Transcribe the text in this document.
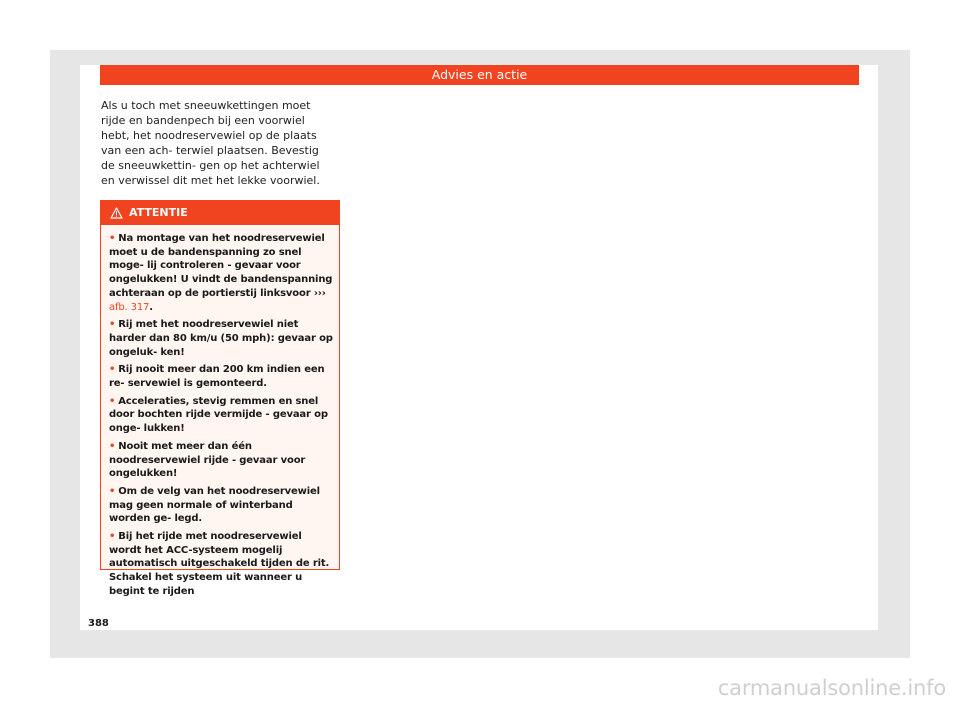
Advies en actie
Als u toch met sneeuwkettingen moet rijde en bandenpech bij een voorwiel hebt, het noodreservewiel op de plaats van een ach- terwiel plaatsen. Bevestig de sneeuwkettin- gen op het achterwiel en verwissel dit met het lekke voorwiel.
ATTENTIE
• Na montage van het noodreservewiel moet u de bandenspanning zo snel moge- lij controleren - gevaar voor ongelukken! U vindt de bandenspanning achteraan op de portierstij linksvoor ››› afb. 317.
• Rij met het noodreservewiel niet harder dan 80 km/u (50 mph): gevaar op ongeluk- ken!
• Rij nooit meer dan 200 km indien een re- servewiel is gemonteerd.
• Acceleraties, stevig remmen en snel door bochten rijde vermijde - gevaar op onge- lukken!
• Nooit met meer dan één noodreservewiel rijde - gevaar voor ongelukken!
• Om de velg van het noodreservewiel mag geen normale of winterband worden ge- legd.
• Bij het rijde met noodreservewiel wordt het ACC-systeem mogelij automatisch uitgeschakeld tijden de rit. Schakel het systeem uit wanneer u begint te rijden
388
carmanualsonline.info
